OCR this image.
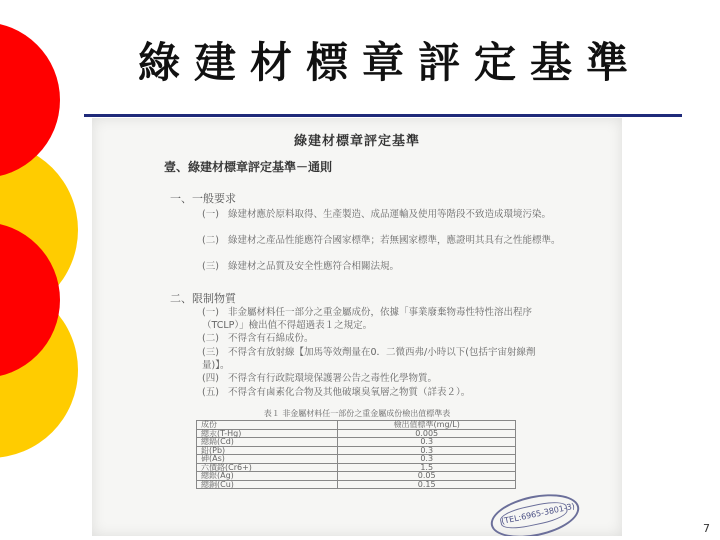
綠建材標章評定基準
綠建材標章評定基準
壹、綠建材標章評定基準－通則
一、一般要求
(一) 綠建材應於原料取得、生產製造、成品運輸及使用等階段不致造成環境污染。
(二) 綠建材之產品性能應符合國家標準；若無國家標準，應證明其具有之性能標準。
(三) 綠建材之品質及安全性應符合相關法規。
二、限制物質
(一) 非金屬材料任一部分之重金屬成份，依據「事業廢棄物毒性特性溶出程序（TCLP）」檢出值不得超過表１之規定。
(二) 不得含有石綿成份。
(三) 不得含有放射線【加馬等效劑量在0．二微西弗/小時以下(包括宇宙射線劑量)】。
(四) 不得含有行政院環境保護署公告之毒性化學物質。
(五) 不得含有鹵素化合物及其他破壞臭氧層之物質（詳表２）。
表１ 非金屬材料任一部份之重金屬成份檢出值標準表
成份	檢出值標準(mg/L)
總汞(T-Hg)	0.005
總鎘(Cd)	0.3
鉛(Pb)	0.3
砷(As)	0.3
六價鉻(Cr6+)	1.5
總銀(Ag)	0.05
總銅(Cu)	0.15
(TEL:6965-3801-3)
7
